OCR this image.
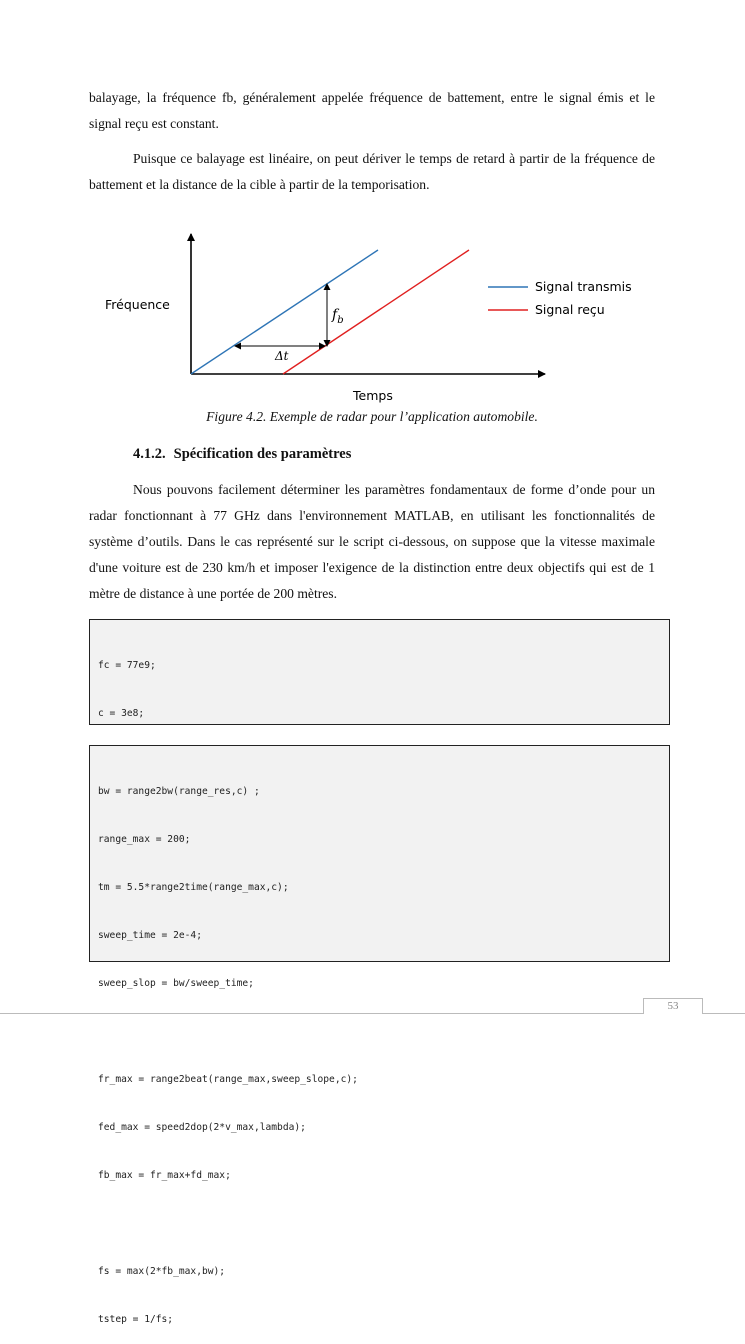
balayage, la fréquence fb, généralement appelée fréquence de battement, entre le signal émis et le signal reçu est constant.

Puisque ce balayage est linéaire, on peut dériver le temps de retard à partir de la fréquence de battement et la distance de la cible à partir de la temporisation.

$f_b$
Δt
Fréquence
Temps
Signal transmis
Signal reçu
Figure 4.2. Exemple de radar pour l’application automobile.
4.1.2. Spécification des paramètres

Nous pouvons facilement déterminer les paramètres fondamentaux de forme d’onde pour un radar fonctionnant à 77 GHz dans l'environnement MATLAB, en utilisant les fonctionnalités de système d’outils. Dans le cas représenté sur le script ci-dessous, on suppose que la vitesse maximale d'une voiture est de 230 km/h et imposer l'exigence de la distinction entre deux objectifs qui est de 1 mètre de distance à une portée de 200 mètres.

fc = 77e9;

c = 3e8;

bw = range2bw(range_res,c) ;

range_max = 200;

tm = 5.5*range2time(range_max,c);

sweep_time = 2e-4;

sweep_slop = bw/sweep_time;

fr_max = range2beat(range_max,sweep_slope,c);

fed_max = speed2dop(2*v_max,lambda);

fb_max = fr_max+fd_max;

fs = max(2*fb_max,bw);

tstep = 1/fs;

53
